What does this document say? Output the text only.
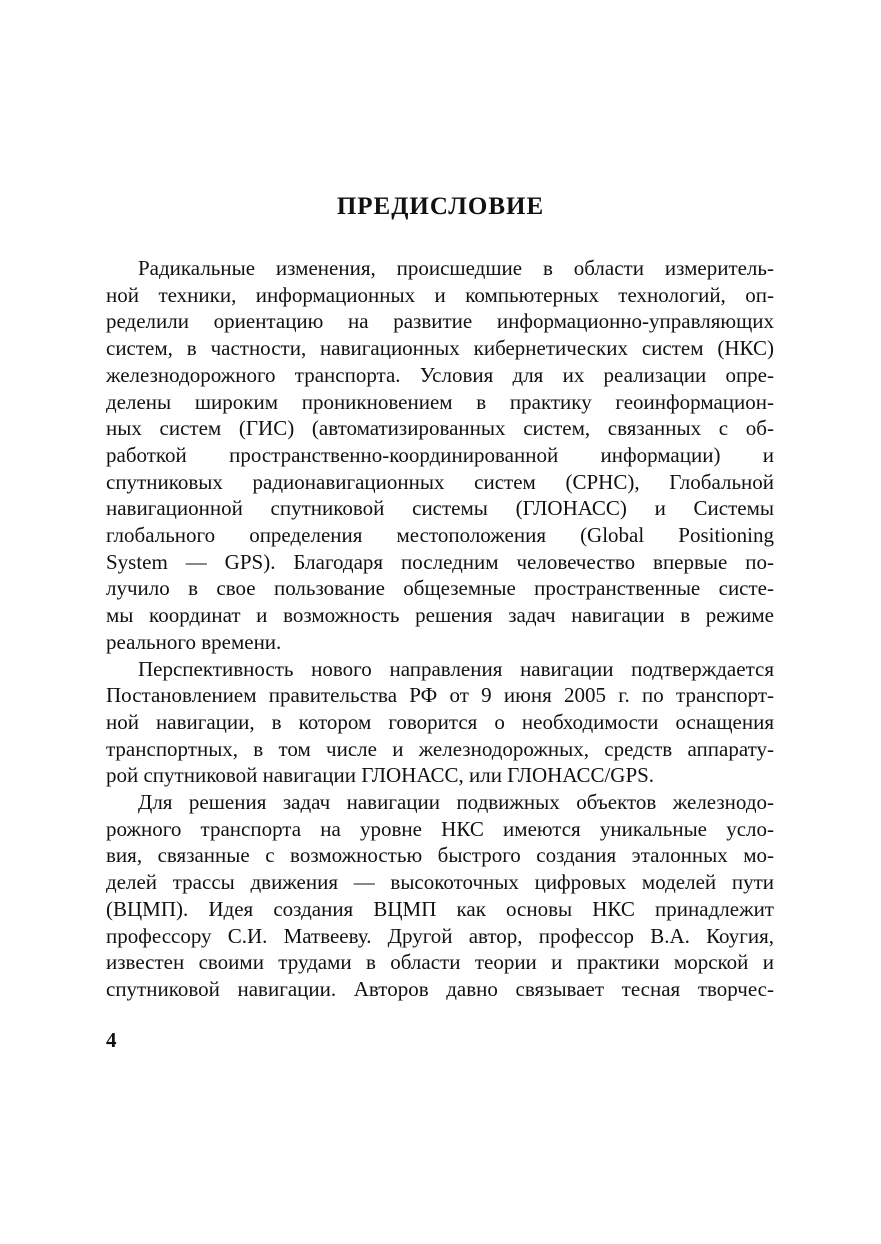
ПРЕДИСЛОВИЕ

Радикальные изменения, происшедшие в области измеритель-
ной техники, информационных и компьютерных технологий, оп-
ределили ориентацию на развитие информационно-управляющих
систем, в частности, навигационных кибернетических систем (НКС)
железнодорожного транспорта. Условия для их реализации опре-
делены широким проникновением в практику геоинформацион-
ных систем (ГИС) (автоматизированных систем, связанных с об-
работкой пространственно-координированной информации) и
спутниковых радионавигационных систем (СРНС), Глобальной
навигационной спутниковой системы (ГЛОНАСС) и Системы
глобального определения местоположения (Global Positioning
System — GPS). Благодаря последним человечество впервые по-
лучило в свое пользование общеземные пространственные систе-
мы координат и возможность решения задач навигации в режиме
реального времени.

Перспективность нового направления навигации подтверждается
Постановлением правительства РФ от 9 июня 2005 г. по транспорт-
ной навигации, в котором говорится о необходимости оснащения
транспортных, в том числе и железнодорожных, средств аппарату-
рой спутниковой навигации ГЛОНАСС, или ГЛОНАСС/GPS.

Для решения задач навигации подвижных объектов железнодо-
рожного транспорта на уровне НКС имеются уникальные усло-
вия, связанные с возможностью быстрого создания эталонных мо-
делей трассы движения — высокоточных цифровых моделей пути
(ВЦМП). Идея создания ВЦМП как основы НКС принадлежит
профессору С.И. Матвееву. Другой автор, профессор В.А. Коугия,
известен своими трудами в области теории и практики морской и
спутниковой навигации. Авторов давно связывает тесная творчес-

4
